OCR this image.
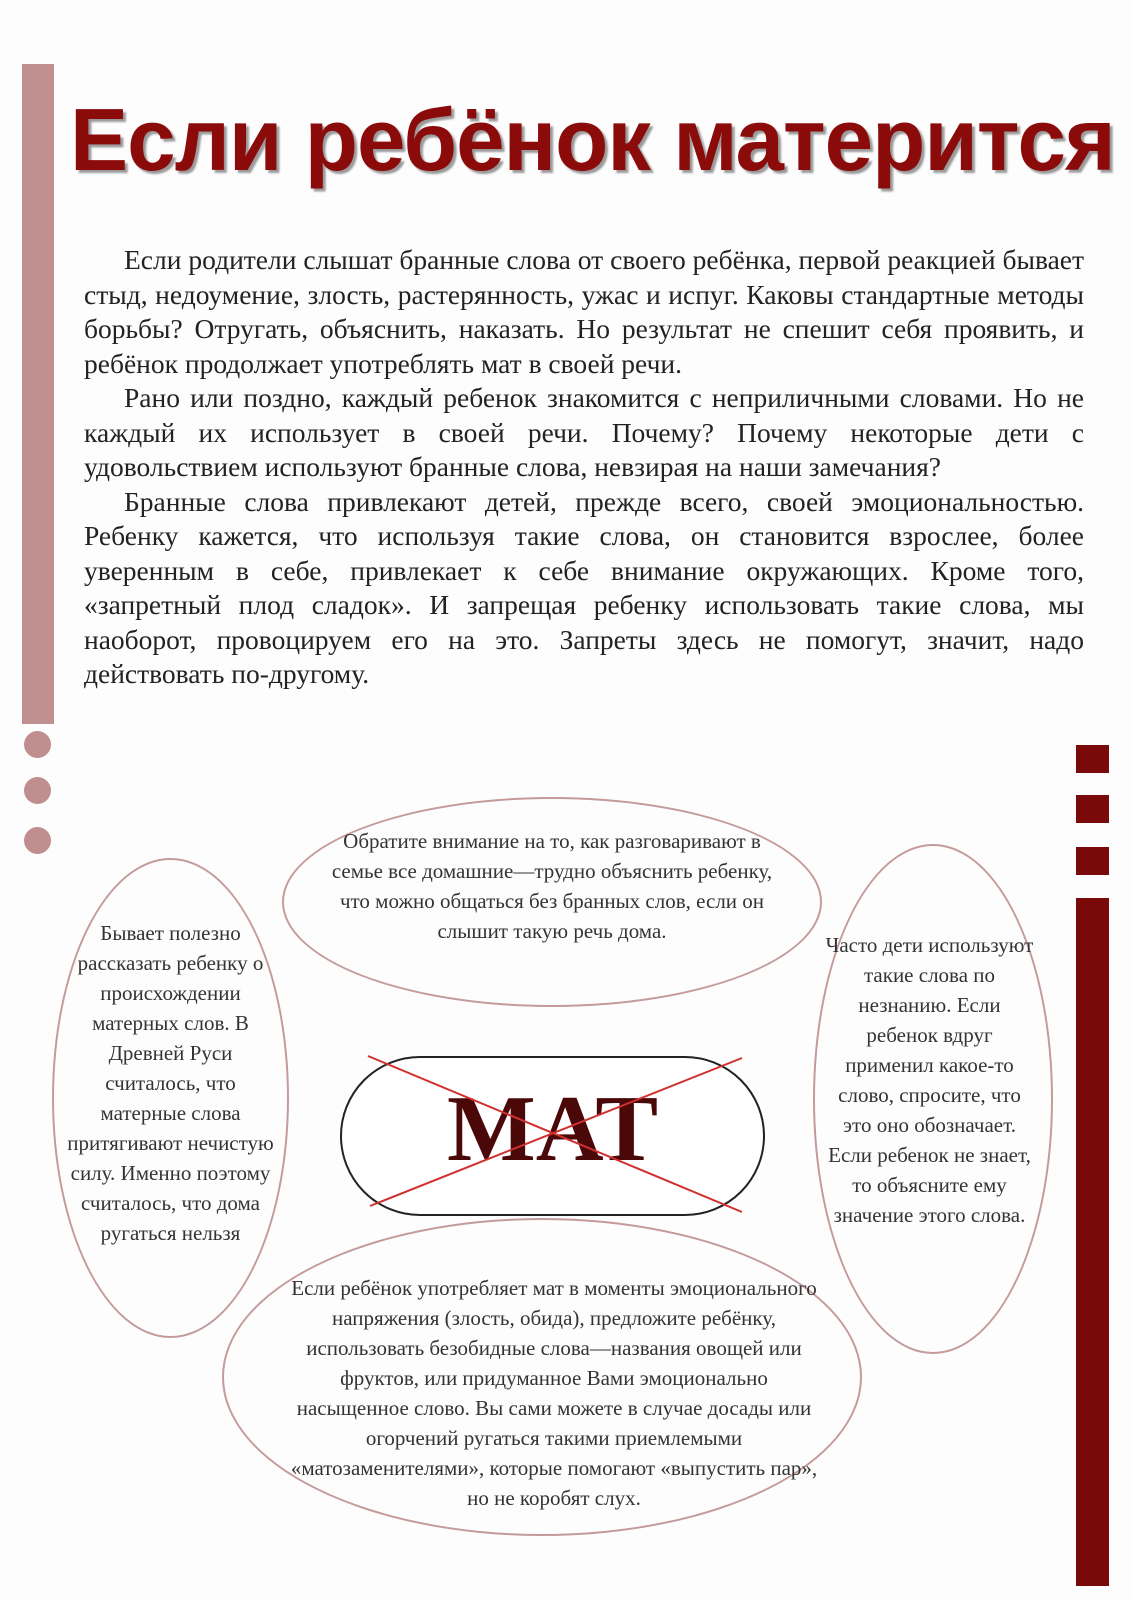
Если ребёнок матерится

Если родители слышат бранные слова от своего ребёнка, первой реакцией бывает стыд, недоумение, злость, растерянность, ужас и испуг. Каковы стандартные методы борьбы? Отругать, объяснить, наказать. Но результат не спешит себя проявить, и ребёнок продолжает употреблять мат в своей речи.

Рано или поздно, каждый ребенок знакомится с неприличными словами. Но не каждый их использует в своей речи. Почему? Почему некоторые дети с удовольствием используют бранные слова, невзирая на наши замечания?

Бранные слова привлекают детей, прежде всего, своей эмоциональностью. Ребенку кажется, что используя такие слова, он становится взрослее, более уверенным в себе, привлекает к себе внимание окружающих. Кроме того, «запретный плод сладок». И запрещая ребенку использовать такие слова, мы наоборот, провоцируем его на это. Запреты здесь не помогут, значит, надо действовать по-другому.

Обратите внимание на то, как разговаривают в семье все домашние—трудно объяснить ребенку, что можно общаться без бранных слов, если он слышит такую речь дома.
Бывает полезно рассказать ребенку о происхождении матерных слов. В Древней Руси считалось, что матерные слова притягивают нечистую силу. Именно поэтому считалось, что дома ругаться нельзя
Часто дети используют такие слова по незнанию. Если ребенок вдруг применил какое-то слово, спросите, что это оно обозначает. Если ребенок не знает, то объясните ему значение этого слова.
Если ребёнок употребляет мат в моменты эмоционального напряжения (злость, обида), предложите ребёнку, использовать безобидные слова—названия овощей или фруктов, или придуманное Вами эмоционально насыщенное слово. Вы сами можете в случае досады или огорчений ругаться такими приемлемыми «матозаменителями», которые помогают «выпустить пар», но не коробят слух.
МАТ
